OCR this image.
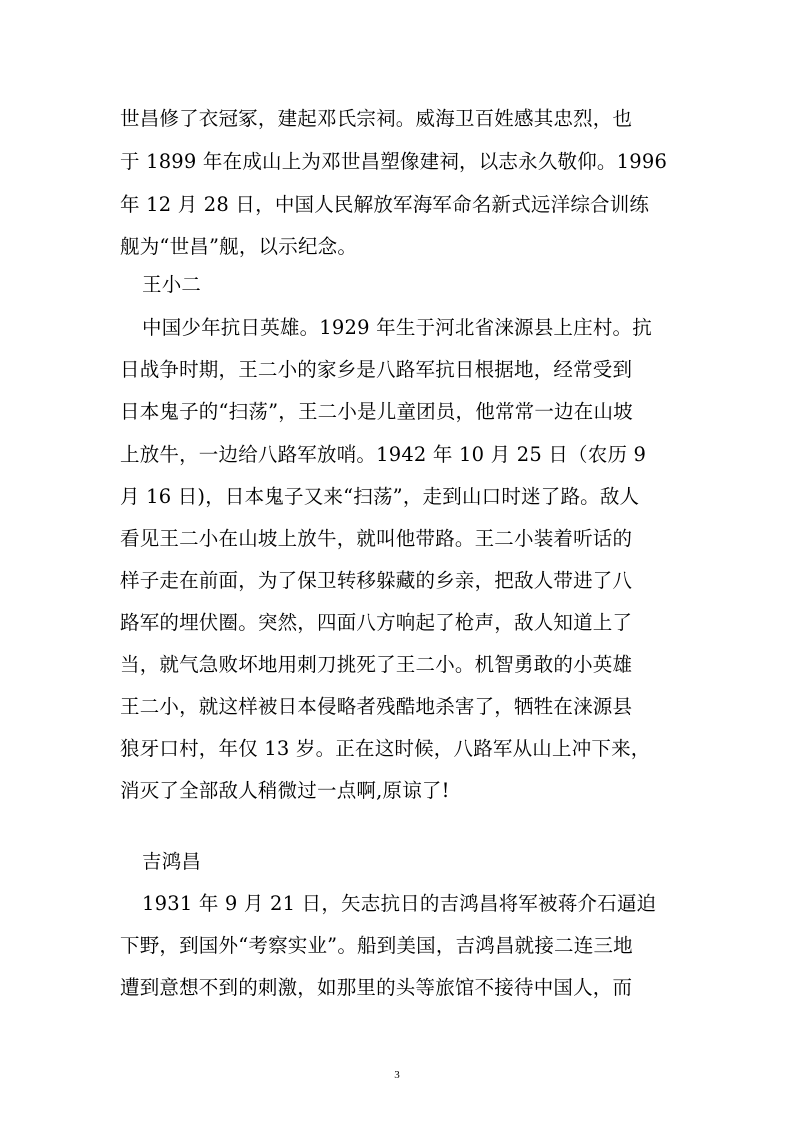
世昌修了衣冠冢，建起邓氏宗祠。威海卫百姓感其忠烈，也
于 1899 年在成山上为邓世昌塑像建祠，以志永久敬仰。1996
年 12 月 28 日，中国人民解放军海军命名新式远洋综合训练
舰为“世昌”舰，以示纪念。
王小二
中国少年抗日英雄。1929 年生于河北省涞源县上庄村。抗
日战争时期，王二小的家乡是八路军抗日根据地，经常受到
日本鬼子的“扫荡”，王二小是儿童团员，他常常一边在山坡
上放牛，一边给八路军放哨。1942 年 10 月 25 日（农历 9
月 16 日)，日本鬼子又来“扫荡”，走到山口时迷了路。敌人
看见王二小在山坡上放牛，就叫他带路。王二小装着听话的
样子走在前面，为了保卫转移躲藏的乡亲，把敌人带进了八
路军的埋伏圈。突然，四面八方响起了枪声，敌人知道上了
当，就气急败坏地用刺刀挑死了王二小。机智勇敢的小英雄
王二小，就这样被日本侵略者残酷地杀害了，牺牲在涞源县
狼牙口村，年仅 13 岁。正在这时候，八路军从山上冲下来，
消灭了全部敌人稍微过一点啊,原谅了!
吉鸿昌
1931 年 9 月 21 日，矢志抗日的吉鸿昌将军被蒋介石逼迫
下野，到国外“考察实业”。船到美国，吉鸿昌就接二连三地
遭到意想不到的刺激，如那里的头等旅馆不接待中国人，而
3
